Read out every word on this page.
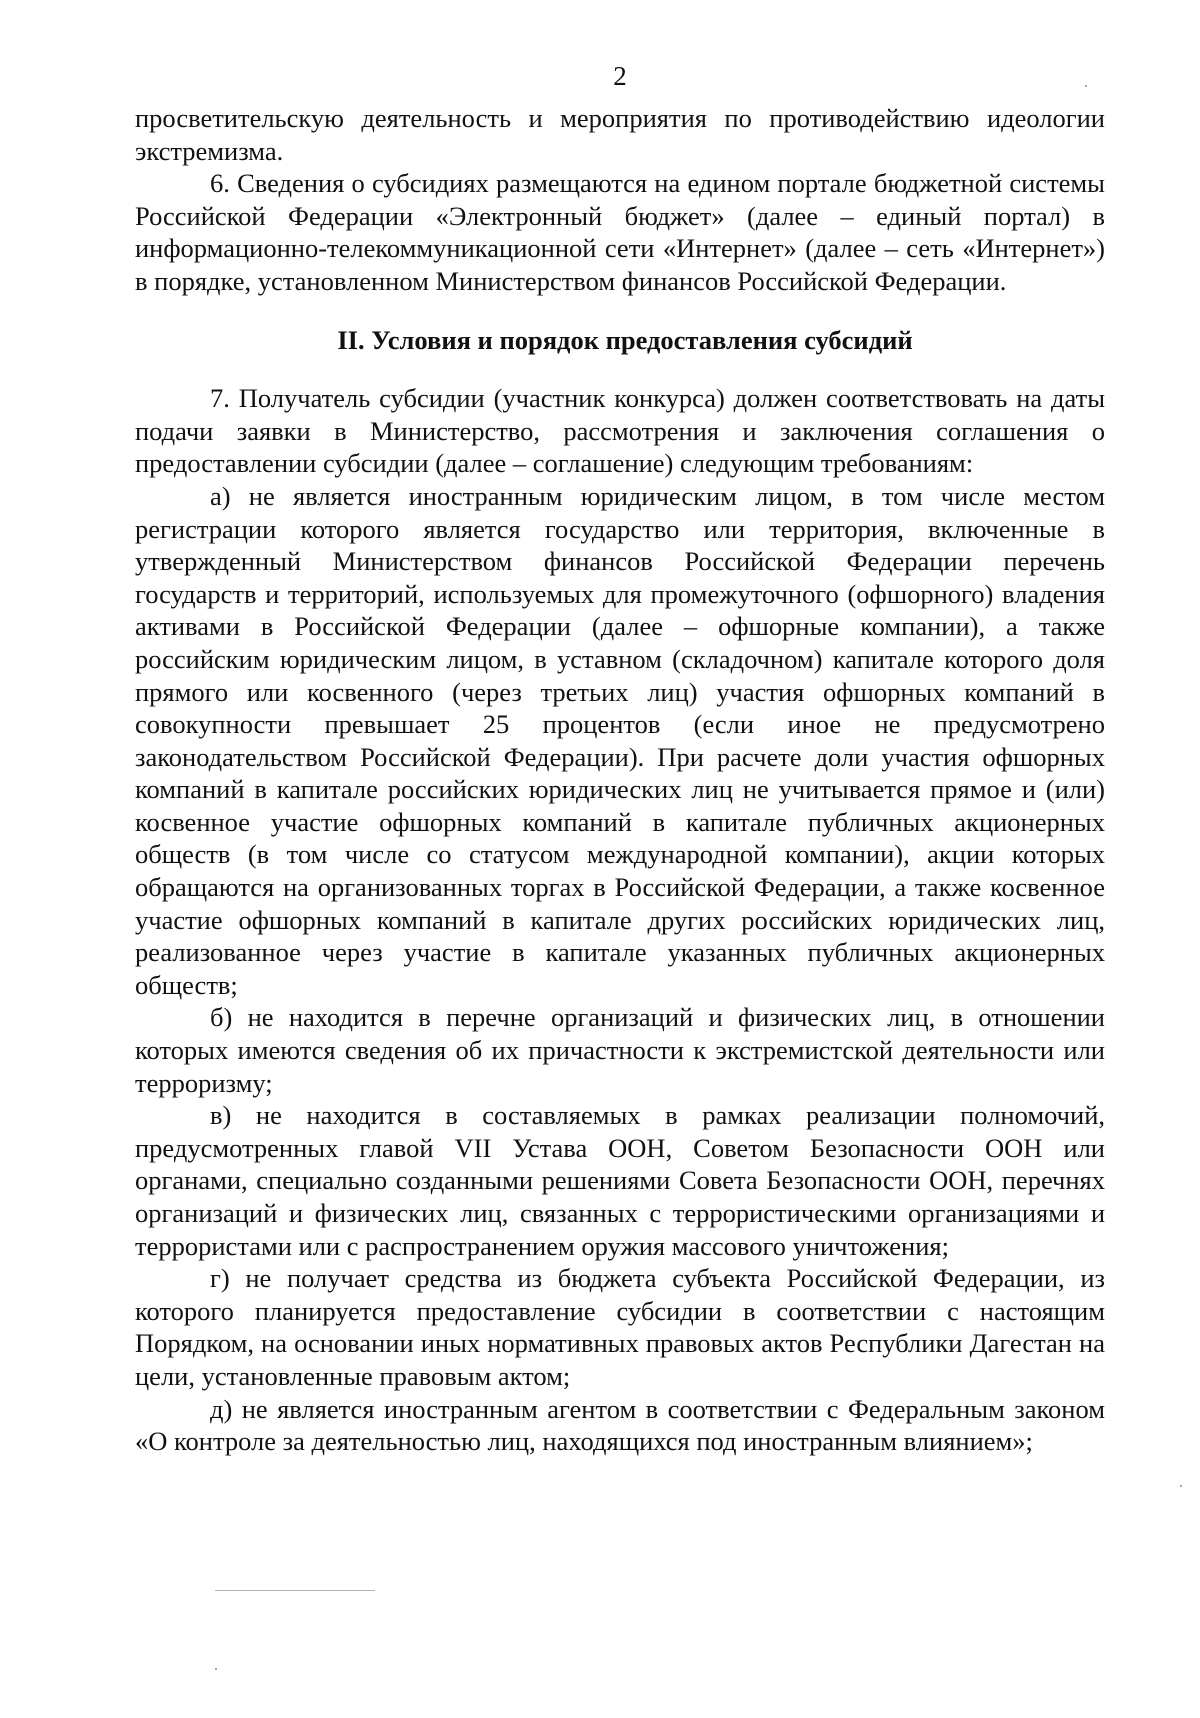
2

просветительскую деятельность и мероприятия по противодействию идеологии экстремизма.

6. Сведения о субсидиях размещаются на едином портале бюджетной системы Российской Федерации «Электронный бюджет» (далее – единый портал) в информационно-телекоммуникационной сети «Интернет» (далее – сеть «Интернет») в порядке, установленном Министерством финансов Российской Федерации.

II. Условия и порядок предоставления субсидий

7. Получатель субсидии (участник конкурса) должен соответствовать на даты подачи заявки в Министерство, рассмотрения и заключения соглашения о предоставлении субсидии (далее – соглашение) следующим требованиям:

а) не является иностранным юридическим лицом, в том числе местом регистрации которого является государство или территория, включенные в утвержденный Министерством финансов Российской Федерации перечень государств и территорий, используемых для промежуточного (офшорного) владения активами в Российской Федерации (далее – офшорные компании), а также российским юридическим лицом, в уставном (складочном) капитале которого доля прямого или косвенного (через третьих лиц) участия офшорных компаний в совокупности превышает 25 процентов (если иное не предусмотрено законодательством Российской Федерации). При расчете доли участия офшорных компаний в капитале российских юридических лиц не учитывается прямое и (или) косвенное участие офшорных компаний в капитале публичных акционерных обществ (в том числе со статусом международной компании), акции которых обращаются на организованных торгах в Российской Федерации, а также косвенное участие офшорных компаний в капитале других российских юридических лиц, реализованное через участие в капитале указанных публичных акционерных обществ;

б) не находится в перечне организаций и физических лиц, в отношении которых имеются сведения об их причастности к экстремистской деятельности или терроризму;

в) не находится в составляемых в рамках реализации полномочий, предусмотренных главой VII Устава ООН, Советом Безопасности ООН или органами, специально созданными решениями Совета Безопасности ООН, перечнях организаций и физических лиц, связанных с террористическими организациями и террористами или с распространением оружия массового уничтожения;

г) не получает средства из бюджета субъекта Российской Федерации, из которого планируется предоставление субсидии в соответствии с настоящим Порядком, на основании иных нормативных правовых актов Республики Дагестан на цели, установленные правовым актом;

д) не является иностранным агентом в соответствии с Федеральным законом «О контроле за деятельностью лиц, находящихся под иностранным влиянием»;
